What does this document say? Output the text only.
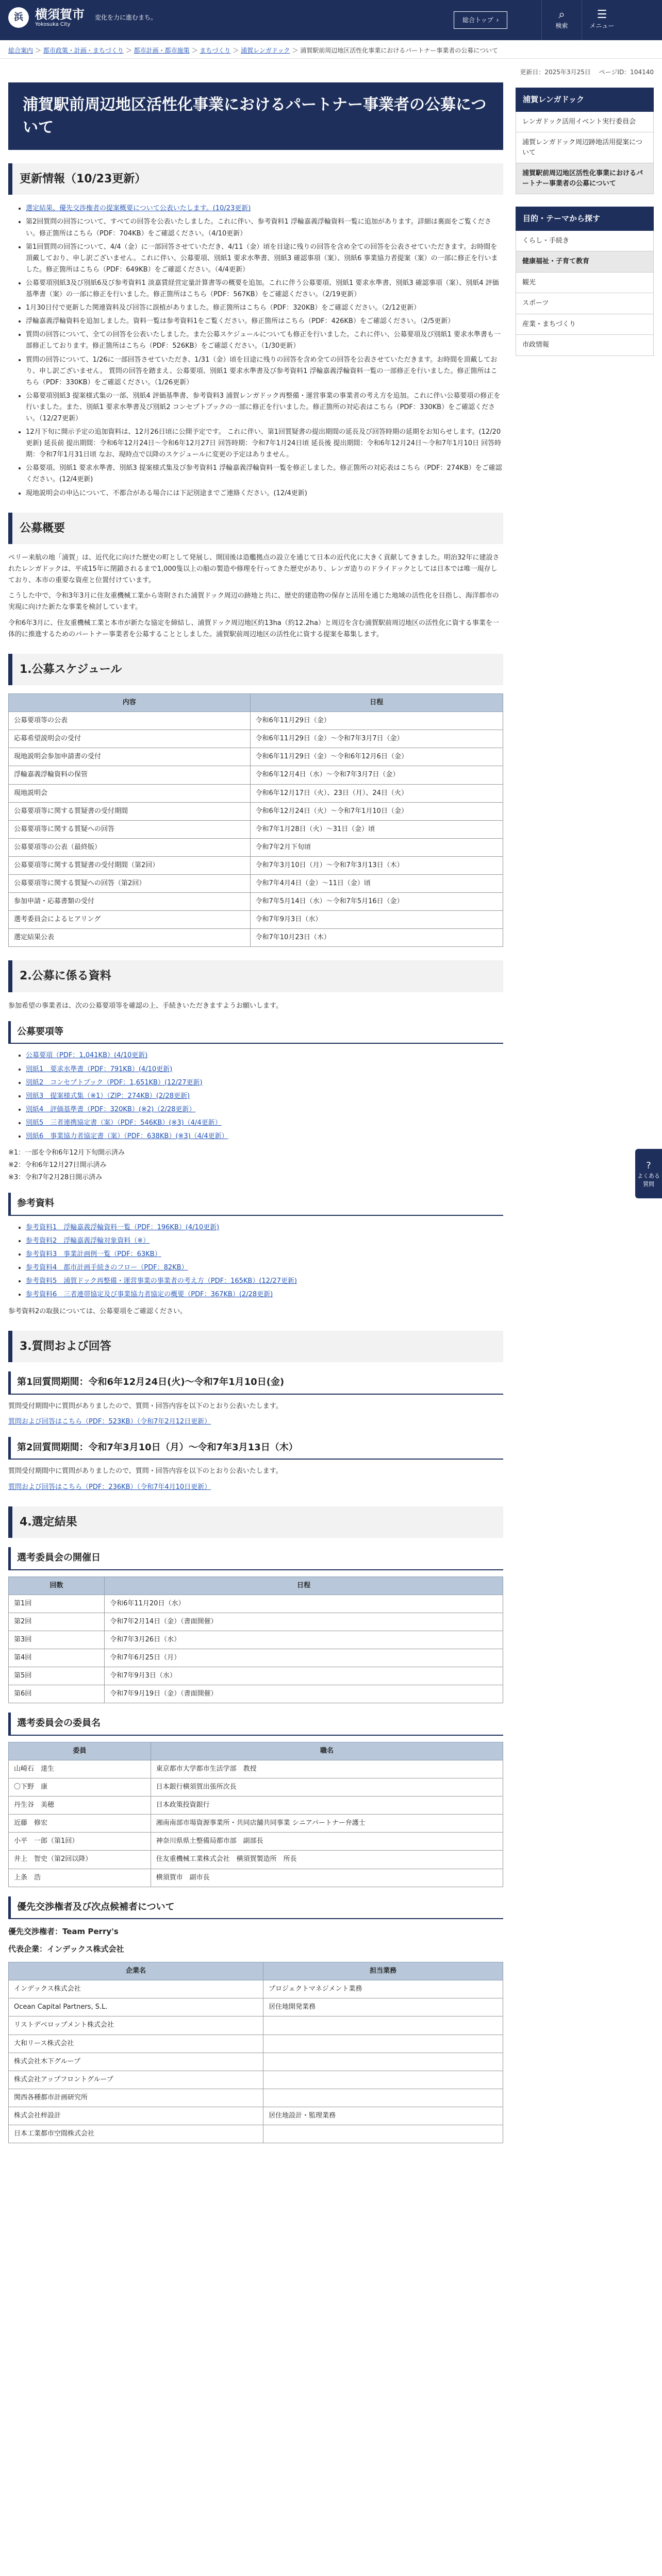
浜 横須賀市
Yokosuka City
変化を力に進むまち。	総合トップ ›	⌕
検索
☰
メニュー
総合案内 ＞ 都市政策・計画・まちづくり ＞ 都市計画・都市施策 ＞ まちづくり ＞ 浦賀レンガドック ＞ 浦賀駅前周辺地区活性化事業におけるパートナー事業者の公募について
更新日：2025年3月25日　 ページID：104140
浦賀駅前周辺地区活性化事業におけるパートナー事業者の公募について
更新情報（10/23更新）
• 選定結果、優先交渉権者の提案概要について公表いたします。(10/23更新)
• 第2回質問の回答について、すべての回答を公表いたしました。これに伴い、参考資料1 浮輪嘉義浮輪資料一覧に追加があります。詳細は裏面をご覧ください。修正箇所はこちら（PDF：704KB）をご確認ください。（4/10更新）
• 第1回質問の回答について、4/4（金）に一部回答させていただき、4/11（金）頃を目途に残りの回答を含め全ての回答を公表させていただきます。お時間を頂戴しており、申し訳ございません。これに伴い、公募要項、別紙1 要求水準書、別紙3 確認事項（案）、別紙6 事業協力者提案（案）の一部に修正を行いました。修正箇所はこちら（PDF：649KB）をご確認ください。（4/4更新）
• 公募要項別紙3及び別紙6及び参考資料1 淡嘉賃経営定量計算書等の概要を追加。これに伴う公募要項、別紙1 要求水準書、別紙3 確認事項（案）、別紙4 評価基準書（案）の一部に修正を行いました。修正箇所はこちら（PDF：567KB）をご確認ください。（2/19更新）
• 1月30日付で更新した関連資料及び回答に誤植がありました。修正箇所はこちら（PDF：320KB）をご確認ください。（2/12更新）
• 浮輪嘉義浮輪資料を追加しました。資料一覧は参考資料1をご覧ください。修正箇所はこちら（PDF：426KB）をご確認ください。（2/5更新）
• 質問の回答について、全ての回答を公表いたしました。また公募スケジュールについても修正を行いました。これに伴い、公募要項及び別紙1 要求水準書も一部修正しております。修正箇所はこちら（PDF：526KB）をご確認ください。（1/30更新）
• 質問の回答について、1/26に一部回答させていただき、1/31（金）頃を目途に残りの回答を含め全ての回答を公表させていただきます。お時間を頂戴しており、申し訳ございません。 質問の回答を踏まえ、公募要項、別紙1 要求水準書及び参考資料1 浮輪嘉義浮輪資料一覧の一部修正を行いました。修正箇所はこちら（PDF：330KB）をご確認ください。（1/26更新）
• 公募要項別紙3 提案様式集の一部、別紙4 評価基準書、参考資料3 浦賀レンガドック再整備・運営事業の事業者の考え方を追加。これに伴い公募要項の修正を行いました。また、別紙1 要求水準書及び別紙2 コンセプトブックの一部に修正を行いました。修正箇所の対応表はこちら（PDF：330KB）をご確認ください。（12/27更新）
• 12月下旬に開示予定の追加資料は、12月26日頃に公開予定です。 これに伴い、第1回質疑書の提出期間の延長及び回答時期の延期をお知らせします。(12/20更新) 延長前 提出期間：令和6年12月24日～令和6年12月27日 回答時期：令和7年1月24日頃 延長後 提出期間：令和6年12月24日～令和7年1月10日 回答時期：令和7年1月31日頃 なお、現時点で以降のスケジュールに変更の予定はありません。
• 公募要項、別紙1 要求水準書、別紙3 提案様式集及び参考資料1 浮輪嘉義浮輪資料一覧を修正しました。修正箇所の対応表はこちら（PDF：274KB）をご確認ください。(12/4更新)
• 現地説明会の申込について、不都合がある場合には下記別途までご連絡ください。(12/4更新)
公募概要

ペリー来航の地「浦賀」は、近代化に向けた歴史の町として発展し、開国後は造艦拠点の設立を通じて日本の近代化に大きく貢献してきました。明治32年に建設されたレンガドックは、平成15年に閉鎖されるまで1,000隻以上の船の製造や修理を行ってきた歴史があり、レンガ造りのドライドックとしては日本では唯一現存しており、本市の重要な資産と位置付けています。

こうした中で、令和3年3月に住友重機械工業から寄附された浦賀ドック周辺の跡地と共に、歴史的建造物の保存と活用を通じた地域の活性化を目指し、海洋都市の実現に向けた新たな事業を検討しています。

令和6年3月に、住友重機械工業と本市が新たな協定を締結し、浦賀ドック周辺地区約13ha（約12.2ha）と周辺を含む浦賀駅前周辺地区の活性化に資する事業を一体的に推進するためのパートナー事業者を公募することとしました。浦賀駅前周辺地区の活性化に資する提案を募集します。

1.公募スケジュール
内容	日程
公募要項等の公表	令和6年11月29日（金）
応募希望説明会の受付	令和6年11月29日（金）～令和7年3月7日（金）
現地説明会参加申請書の受付	令和6年11月29日（金）～令和6年12月6日（金）
浮輪嘉義浮輪資料の保管	令和6年12月4日（水）～令和7年3月7日（金）
現地説明会	令和6年12月17日（火）、23日（月）、24日（火）
公募要項等に関する質疑書の受付期間	令和6年12月24日（火）～令和7年1月10日（金）
公募要項等に関する質疑への回答	令和7年1月28日（火）～31日（金）頃
公募要項等の公表（最終版）	令和7年2月下旬頃
公募要項等に関する質疑書の受付期間（第2回）	令和7年3月10日（月）～令和7年3月13日（木）
公募要項等に関する質疑への回答（第2回）	令和7年4月4日（金）～11日（金）頃
参加申請・応募書類の受付	令和7年5月14日（水）～令和7年5月16日（金）
選考委員会によるヒアリング	令和7年9月3日（水）
選定結果公表	令和7年10月23日（木）
2.公募に係る資料

参加希望の事業者は、次の公募要項等を確認の上、手続きいただきますようお願いします。

公募要項等
• 公募要項（PDF：1,041KB）(4/10更新)
• 別紙1　要求水準書（PDF：791KB）(4/10更新)
• 別紙2　コンセプトブック（PDF：1,651KB）(12/27更新)
• 別紙3　提案様式集（※1）（ZIP：274KB）(2/28更新)
• 別紙4　評価基準書（PDF：320KB）(※2)（2/28更新）
• 別紙5　三者連携協定書（案）（PDF：546KB）(※3)（4/4更新）
• 別紙6　事業協力者協定書（案）（PDF：638KB）(※3)（4/4更新）

※1：一部を令和6年12月下旬開示済み

※2：令和6年12月27日開示済み

※3：令和7年2月28日開示済み

参考資料
• 参考資料1　浮輪嘉義浮輪資料一覧（PDF：196KB）(4/10更新)
• 参考資料2　浮輪嘉義浮輪対象資料（※）
• 参考資料3　事業計画例一覧（PDF：63KB）
• 参考資料4　都市計画手続きのフロー（PDF：82KB）
• 参考資料5　浦賀ドック再整備・運営事業の事業者の考え方（PDF：165KB）(12/27更新)
• 参考資料6　三者連帯協定及び事業協力者協定の概要（PDF：367KB）(2/28更新)

参考資料2の取扱については、公募要項をご確認ください。

3.質問および回答
第1回質問期間：令和6年12月24日(火)～令和7年1月10日(金)

質問受付期間中に質問がありましたので、質問・回答内容を以下のとおり公表いたします。

質問および回答はこちら（PDF：523KB）（令和7年2月12日更新）

第2回質問期間：令和7年3月10日（月）～令和7年3月13日（木）

質問受付期間中に質問がありましたので、質問・回答内容を以下のとおり公表いたします。

質問および回答はこちら（PDF：236KB）（令和7年4月10日更新）

4.選定結果
選考委員会の開催日
回数	日程
第1回	令和6年11月20日（水）
第2回	令和7年2月14日（金）（書面開催）
第3回	令和7年3月26日（水）
第4回	令和7年6月25日（月）
第5回	令和7年9月3日（水）
第6回	令和7年9月19日（金）（書面開催）
選考委員会の委員名
委員	職名
山崎石　達生	東京都市大学都市生活学部　教授
〇下野　康	日本銀行横須賀出張所次長
丹生谷　美穂	日本政策投資銀行
近藤　修宏	湘南南部市場資源事業所・共同店舗共同事業 シニアパートナー弁護士
小平　一郎（第1回）	神奈川県県土整備局都市部　副部長
井上　智史（第2回以降）	住友重機械工業株式会社　横須賀製造所　所長
上条　浩	横須賀市　副市長
優先交渉権者及び次点候補者について

優先交渉権者：Team Perry's

代表企業：インデックス株式会社

企業名	担当業務
インデックス株式会社	プロジェクトマネジメント業務
Ocean Capital Partners, S.L.	居住地開発業務
リストデベロップメント株式会社	
大和リース株式会社	
株式会社木下グループ	
株式会社アップフロントグループ	
関西各種都市計画研究所	
株式会社梓設計	居住地設計・監理業務
日本工業都市空間株式会社	
浦賀レンガドック
レンガドック活用イベント実行委員会
浦賀レンガドック周辺跡地活用提案について
浦賀駅前周辺地区活性化事業におけるパートナー事業者の公募について
目的・テーマから探す
くらし・手続き
健康福祉・子育て教育
観光
スポーツ
産業・まちづくり
市政情報
?
よくある質問
